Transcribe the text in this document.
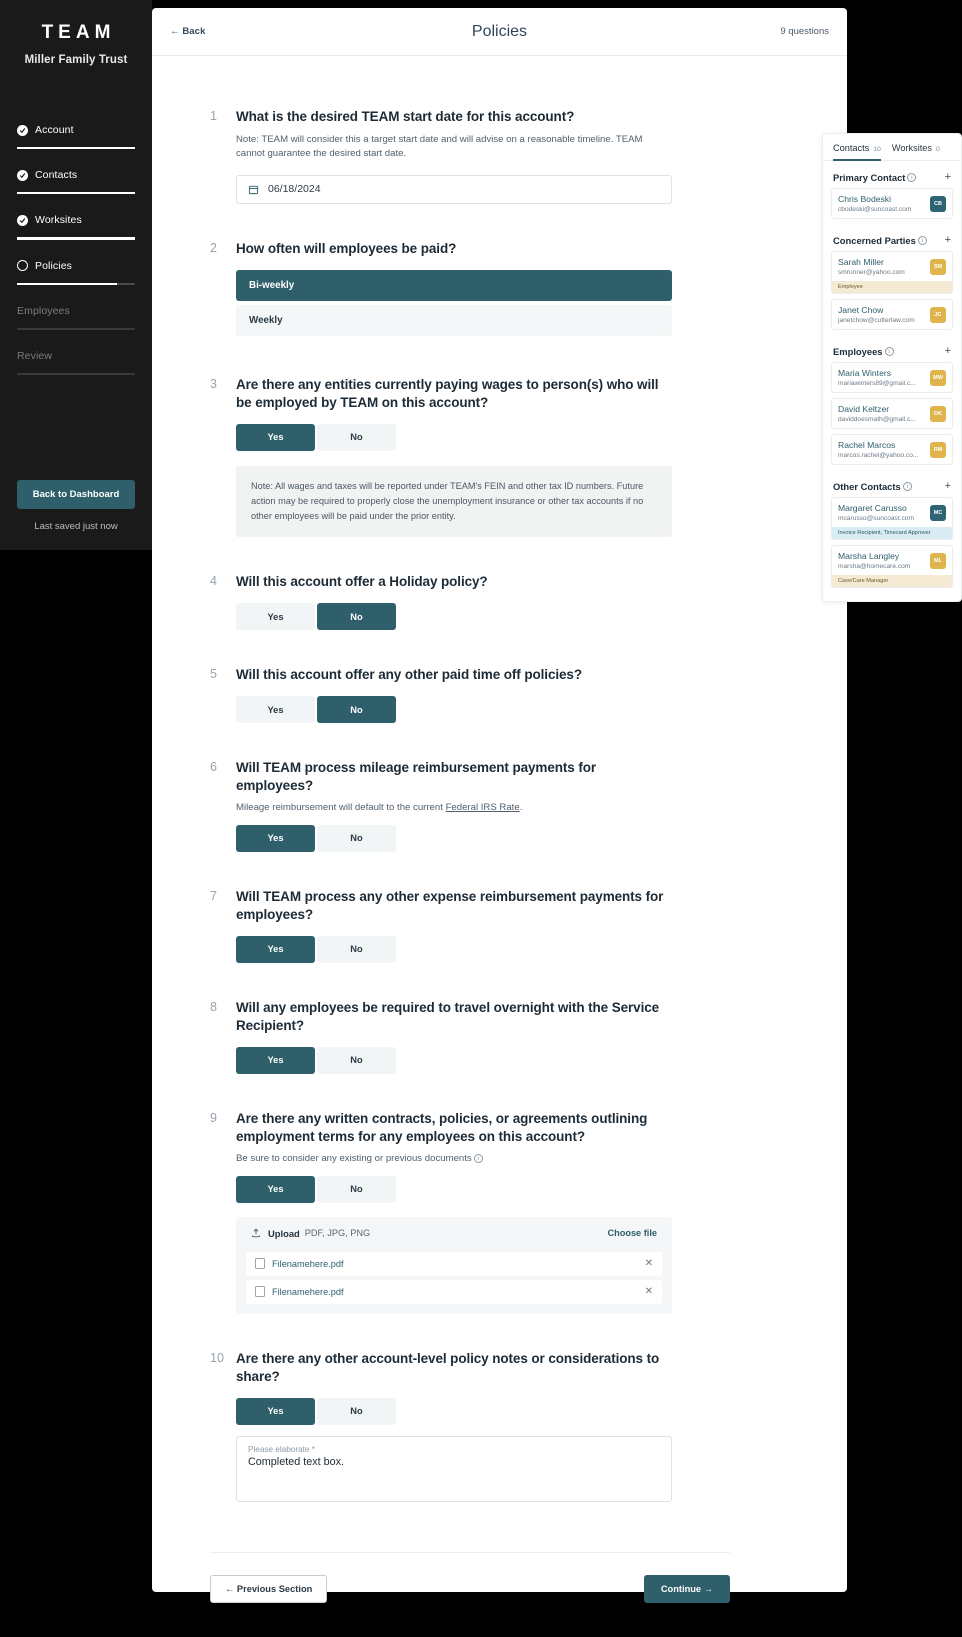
TEAM
Miller Family Trust
Account
Contacts
Worksites
Policies
Employees
Review
Back to Dashboard
Last saved just now
← Back	Policies	9 questions
1	What is the desired TEAM start date for this account?
Note: TEAM will consider this a target start date and will advise on a reasonable timeline. TEAM cannot guarantee the desired start date.
06/18/2024
2	How often will employees be paid?
Bi-weekly
Weekly
3	Are there any entities currently paying wages to person(s) who will be employed by TEAM on this account?
Yes	No
Note: All wages and taxes will be reported under TEAM's FEIN and other tax ID numbers. Future action may be required to properly close the unemployment insurance or other tax accounts if no other employees will be paid under the prior entity.
4	Will this account offer a Holiday policy?
Yes	No
5	Will this account offer any other paid time off policies?
Yes	No
6	Will TEAM process mileage reimbursement payments for employees?
Mileage reimbursement will default to the current Federal IRS Rate.
Yes	No
7	Will TEAM process any other expense reimbursement payments for employees?
Yes	No
8	Will any employees be required to travel overnight with the Service Recipient?
Yes	No
9	Are there any written contracts, policies, or agreements outlining employment terms for any employees on this account?
Be sure to consider any existing or previous documents i
Yes	No
Upload PDF, JPG, PNG	Choose file
Filenamehere.pdf	✕
Filenamehere.pdf	✕
10 Are there any other account-level policy notes or considerations to share?
Yes	No
Please elaborate *
Completed text box.
Contacts 10 Worksites 0
Primary Contact i	+
Chris Bodeski
cbodeski@suncoast.com
CB
Concerned Parties i	+
Sarah Miller
smrunner@yahoo.com
SM
Employee
Janet Chow
janetchow@cutterlaw.com
JC
Employees i	+
Maria Winters
mariawinters89@gmail.c...
MW
David Keltzer
daviddoesmath@gmail.c...
DK
Rachel Marcos
marcos.rachel@yahoo.co...
RM
Other Contacts i	+
Margaret Carusso
mcarusso@suncoast.com
MC
Invoice Recipient, Timecard Approver
Marsha Langley
marsha@homecare.com
ML
Case/Care Manager
← Previous Section	Continue →
